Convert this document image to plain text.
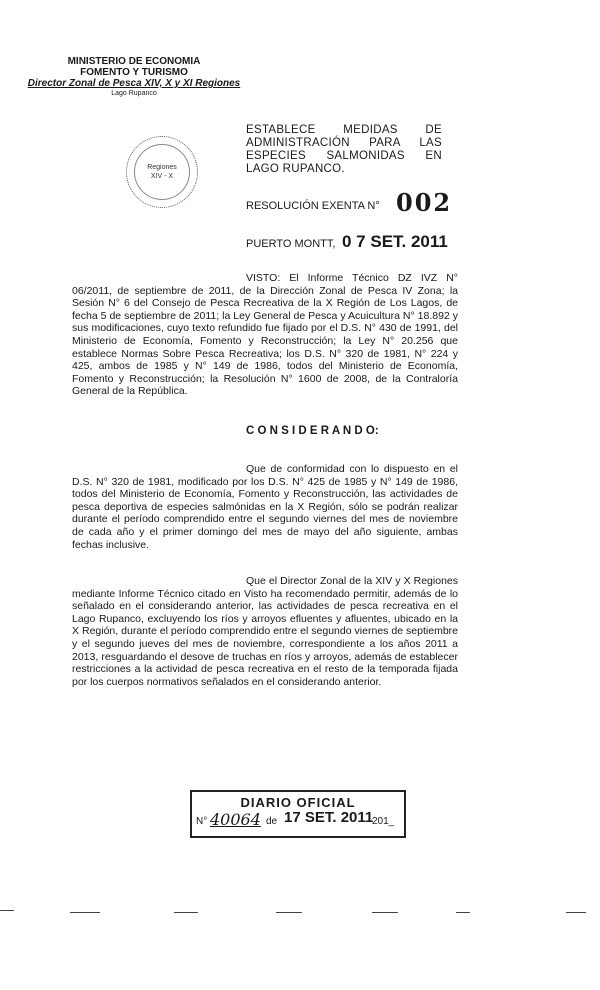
MINISTERIO DE ECONOMIA
FOMENTO Y TURISMO
Director Zonal de Pesca XIV, X y XI Regiones
Lago Rupanco
Regiones
XIV - X
ESTABLECE MEDIDAS DE ADMINISTRACIÓN PARA LAS ESPECIES SALMONIDAS EN LAGO RUPANCO.
RESOLUCIÓN EXENTA N° 002
PUERTO MONTT, 0 7 SET. 2011

VISTO: El Informe Técnico DZ IVZ N° 06/2011, de septiembre de 2011, de la Dirección Zonal de Pesca IV Zona; la Sesión N° 6 del Consejo de Pesca Recreativa de la X Región de Los Lagos, de fecha 5 de septiembre de 2011; la Ley General de Pesca y Acuicultura N° 18.892 y sus modificaciones, cuyo texto refundido fue fijado por el D.S. N° 430 de 1991, del Ministerio de Economía, Fomento y Reconstrucción; la Ley N° 20.256 que establece Normas Sobre Pesca Recreativa; los D.S. N° 320 de 1981, N° 224 y 425, ambos de 1985 y N° 149 de 1986, todos del Ministerio de Economía, Fomento y Reconstrucción; la Resolución N° 1600 de 2008, de la Contraloría General de la República.

C O N S I D E R A N D O:

Que de conformidad con lo dispuesto en el D.S. N° 320 de 1981, modificado por los D.S. N° 425 de 1985 y N° 149 de 1986, todos del Ministerio de Economía, Fomento y Reconstrucción, las actividades de pesca deportiva de especies salmónidas en la X Región, sólo se podrán realizar durante el período comprendido entre el segundo viernes del mes de noviembre de cada año y el primer domingo del mes de mayo del año siguiente, ambas fechas inclusive.

Que el Director Zonal de la XIV y X Regiones mediante Informe Técnico citado en Visto ha recomendado permitir, además de lo señalado en el considerando anterior, las actividades de pesca recreativa en el Lago Rupanco, excluyendo los ríos y arroyos efluentes y afluentes, ubicado en la X Región, durante el período comprendido entre el segundo viernes de septiembre y el segundo jueves del mes de noviembre, correspondiente a los años 2011 a 2013, resguardando el desove de truchas en ríos y arroyos, además de establecer restricciones a la actividad de pesca recreativa en el resto de la temporada fijada por los cuerpos normativos señalados en el considerando anterior.

DIARIO OFICIAL
N° 40064 de 17 SET. 2011
201_
